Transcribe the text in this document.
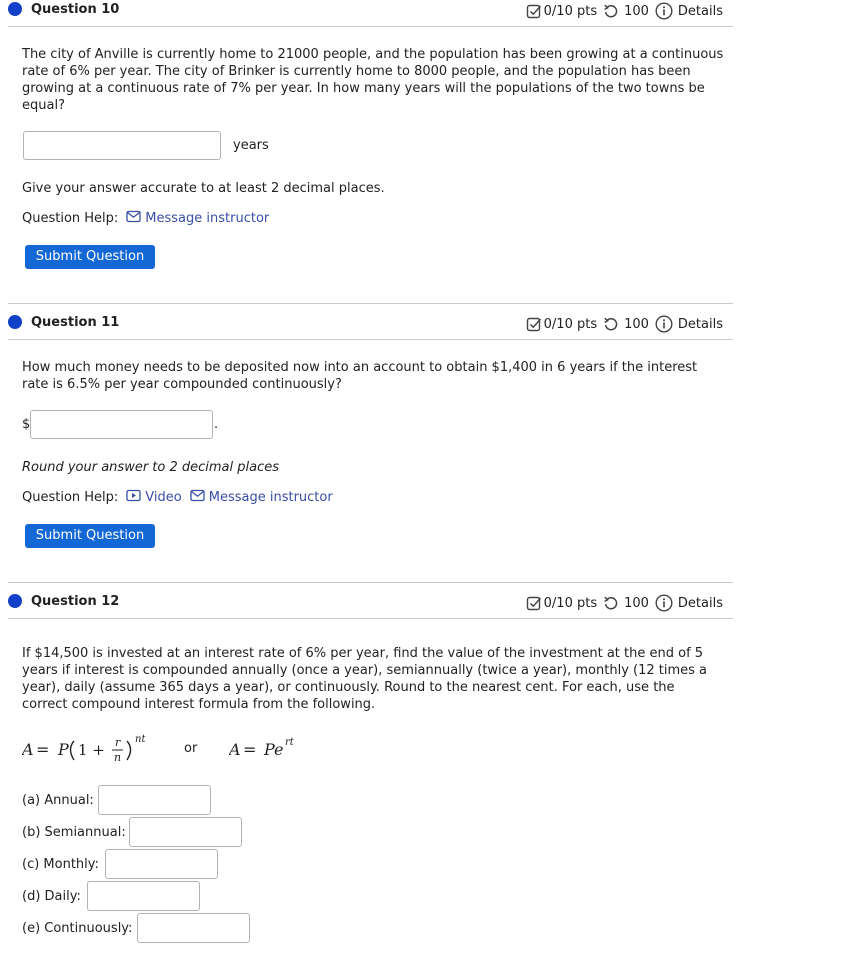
Question 10	0/10 pts 100 Details
The city of Anville is currently home to 21000 people, and the population has been growing at a continuous rate of 6% per year. The city of Brinker is currently home to 8000 people, and the population has been growing at a continuous rate of 7% per year. In how many years will the populations of the two towns be equal?
years
Give your answer accurate to at least 2 decimal places.
Question Help: Message instructor
Submit Question
Question 11	0/10 pts 100 Details
How much money needs to be deposited now into an account to obtain $1,400 in 6 years if the interest rate is 6.5% per year compounded continuously?
$	.
Round your answer to 2 decimal places
Question Help: Video Message instructor
Submit Question
Question 12	0/10 pts 100 Details
If $14,500 is invested at an interest rate of 6% per year, find the value of the investment at the end of 5 years if interest is compounded annually (once a year), semiannually (twice a year), monthly (12 times a year), daily (assume 365 days a year), or continuously. Round to the nearest cent. For each, use the correct compound interest formula from the following.
A = P 1 + r
n
nt
or A = Pe rt
(a) Annual:
(b) Semiannual:
(c) Monthly:
(d) Daily:
(e) Continuously:
